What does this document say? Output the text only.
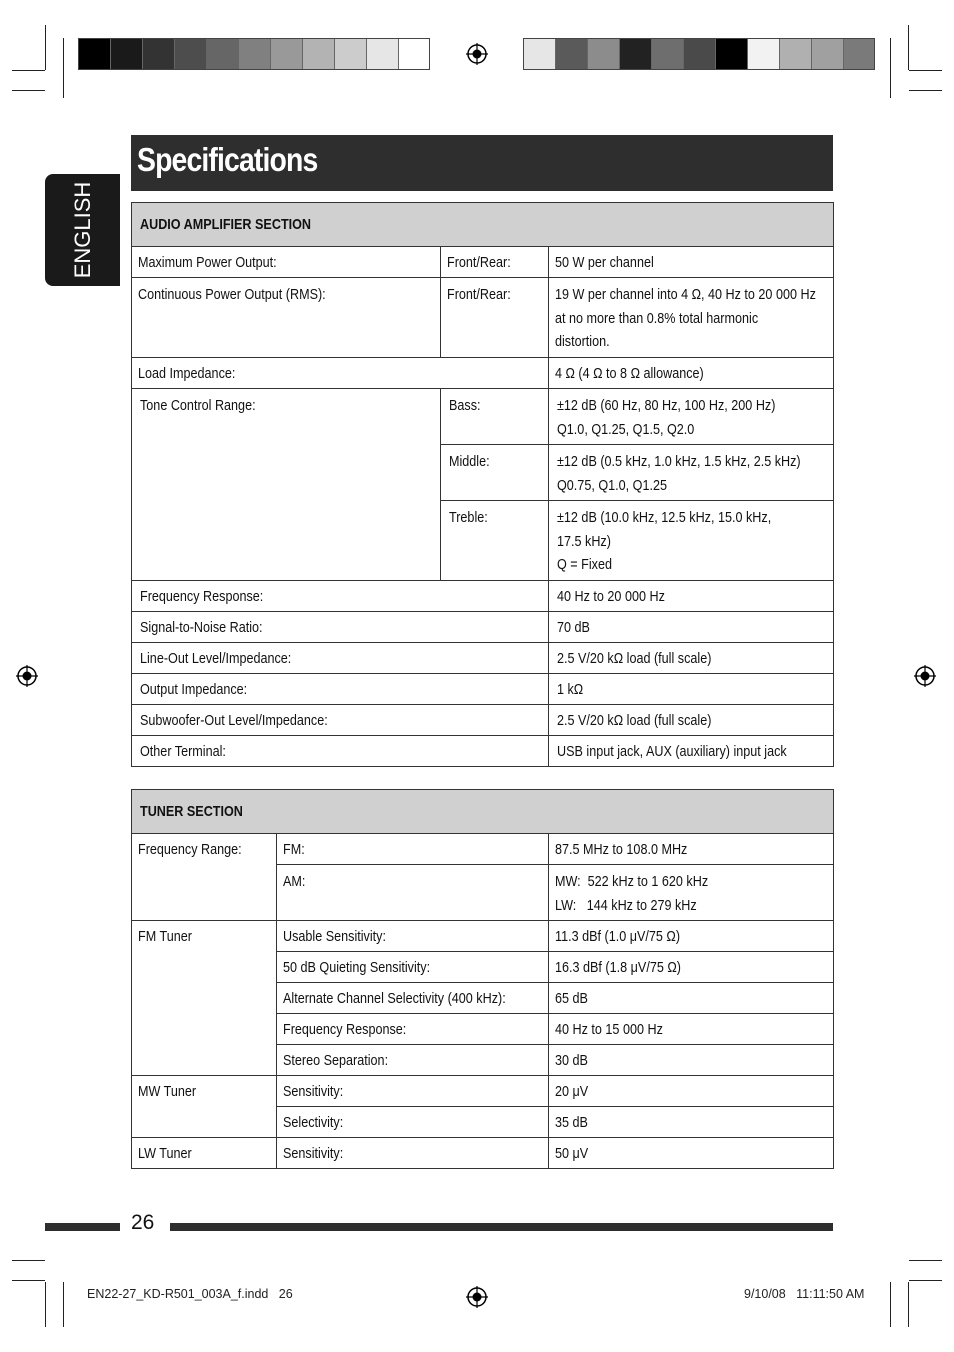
Specifications
ENGLISH	AUDIO AMPLIFIER SECTION		
Maximum Power Output:	Front/Rear:	50 W per channel
Continuous Power Output (RMS):	Front/Rear:	19 W per channel into 4 Ω, 40 Hz to 20 000 Hz
at no more than 0.8% total harmonic
distortion.
Load Impedance:		4 Ω (4 Ω to 8 Ω allowance)
Tone Control Range:	Bass:	±12 dB (60 Hz, 80 Hz, 100 Hz, 200 Hz)
Q1.0, Q1.25, Q1.5, Q2.0
	Middle:	±12 dB (0.5 kHz, 1.0 kHz, 1.5 kHz, 2.5 kHz)
Q0.75, Q1.0, Q1.25
	Treble:	±12 dB (10.0 kHz, 12.5 kHz, 15.0 kHz,
17.5 kHz)
Q = Fixed
Frequency Response:		40 Hz to 20 000 Hz
Signal-to-Noise Ratio:		70 dB
Line-Out Level/Impedance:		2.5 V/20 kΩ load (full scale)
Output Impedance:		1 kΩ
Subwoofer-Out Level/Impedance:		2.5 V/20 kΩ load (full scale)
Other Terminal:		USB input jack, AUX (auxiliary) input jack
TUNER SECTION		
Frequency Range:	FM:	87.5 MHz to 108.0 MHz
	AM:	MW:  522 kHz to 1 620 kHz
LW:   144 kHz to 279 kHz
FM Tuner	Usable Sensitivity:	11.3 dBf (1.0 μV/75 Ω)
	50 dB Quieting Sensitivity:	16.3 dBf (1.8 μV/75 Ω)
	Alternate Channel Selectivity (400 kHz):	65 dB
	Frequency Response:	40 Hz to 15 000 Hz
	Stereo Separation:	30 dB
MW Tuner	Sensitivity:	20 μV
	Selectivity:	35 dB
LW Tuner	Sensitivity:	50 μV
26
EN22-27_KD-R501_003A_f.indd   26	9/10/08   11:11:50 AM
